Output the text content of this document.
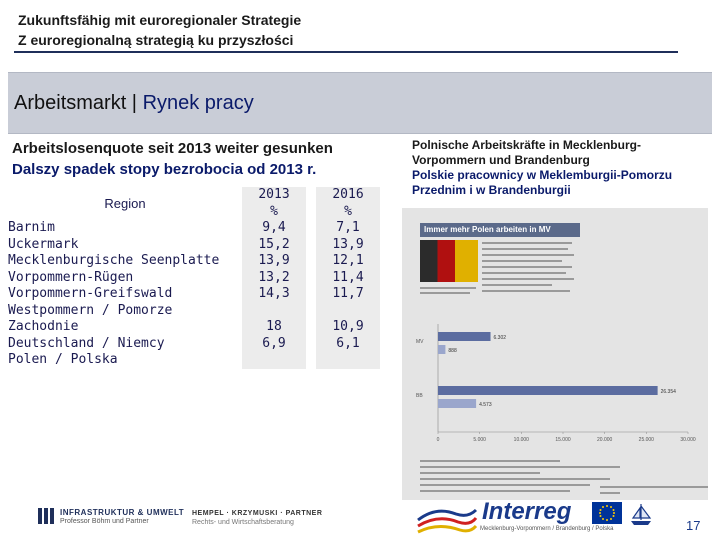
Zukunftsfähig mit euroregionaler Strategie
Z euroregionalną strategią ku przyszłości
Arbeitsmarkt | Rynek pracy
Arbeitslosenquote seit 2013 weiter gesunken
Dalszy spadek stopy bezrobocia od 2013 r.
Region	2013		2016
	%		%
Barnim	9,4		7,1
Uckermark	15,2		13,9
Mecklenburgische Seenplatte	13,9		12,1
Vorpommern-Rügen	13,2		11,4
Vorpommern-Greifswald	14,3		11,7
Westpommern / Pomorze			
Zachodnie	18		10,9
Deutschland / Niemcy	6,9		6,1
Polen / Polska			
Polnische Arbeitskräfte in Mecklenburg-Vorpommern und Brandenburg
Polskie pracownicy w Meklemburgii-Pomorzu Przednim i w Brandenburgii
Immer mehr Polen arbeiten in MV
0	5.000	10.000	15.000	20.000	25.000	30.000
MV
6.302
888
BB
26.354
4.573
INFRASTRUKTUR & UMWELT
Professor Böhm und Partner
HEMPEL · KRZYMUSKI · PARTNER
Rechts- und Wirtschaftsberatung	Interreg
Mecklenburg-Vorpommern / Brandenburg / Polska	17
